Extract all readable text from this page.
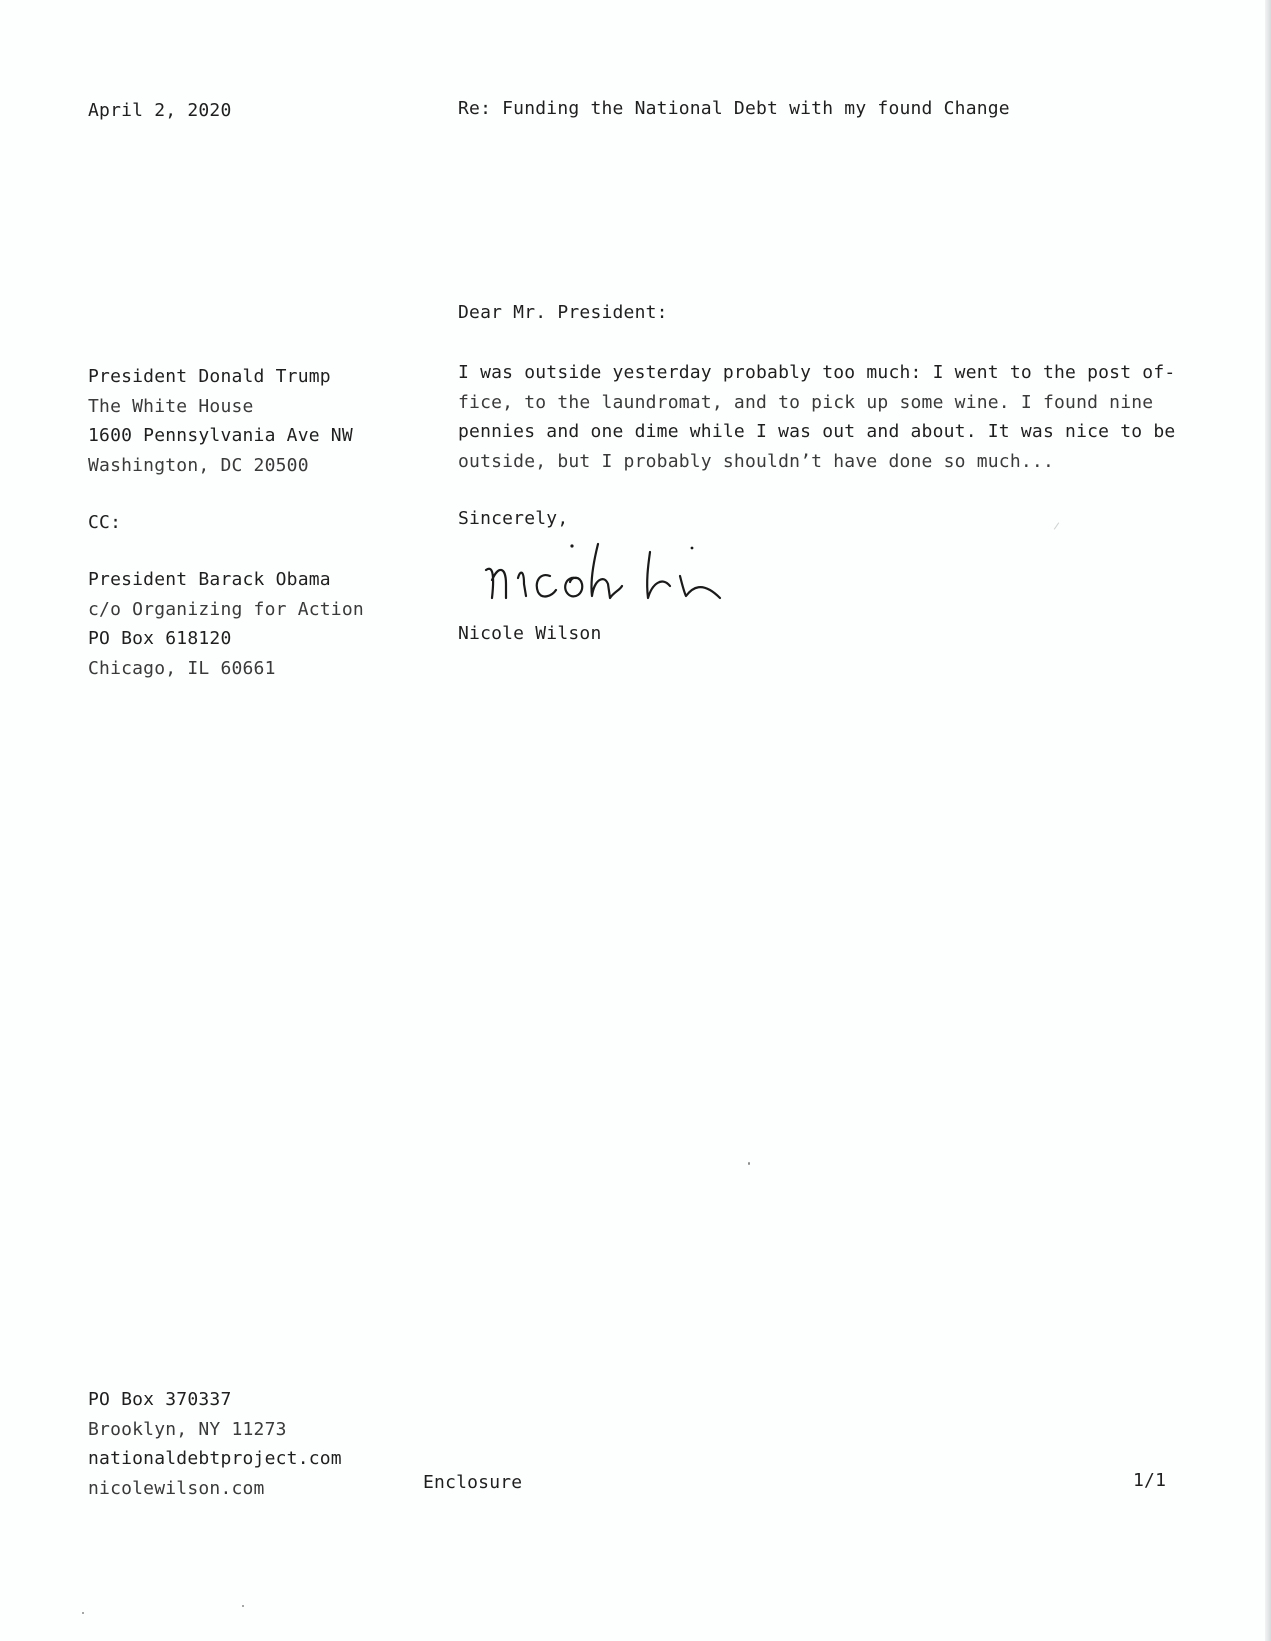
April 2, 2020	Re: Funding the National Debt with my found Change
Dear Mr. President:
President Donald Trump
The White House
1600 Pennsylvania Ave NW
Washington, DC 20500
I was outside yesterday probably too much: I went to the post of-
fice, to the laundromat, and to pick up some wine. I found nine
pennies and one dime while I was out and about. It was nice to be
outside, but I probably shouldn’t have done so much...
CC:	Sincerely,
Nicole Wilson
President Barack Obama
c/o Organizing for Action
PO Box 618120
Chicago, IL 60661
PO Box 370337
Brooklyn, NY 11273
nationaldebtproject.com
nicolewilson.com	Enclosure	1/1
